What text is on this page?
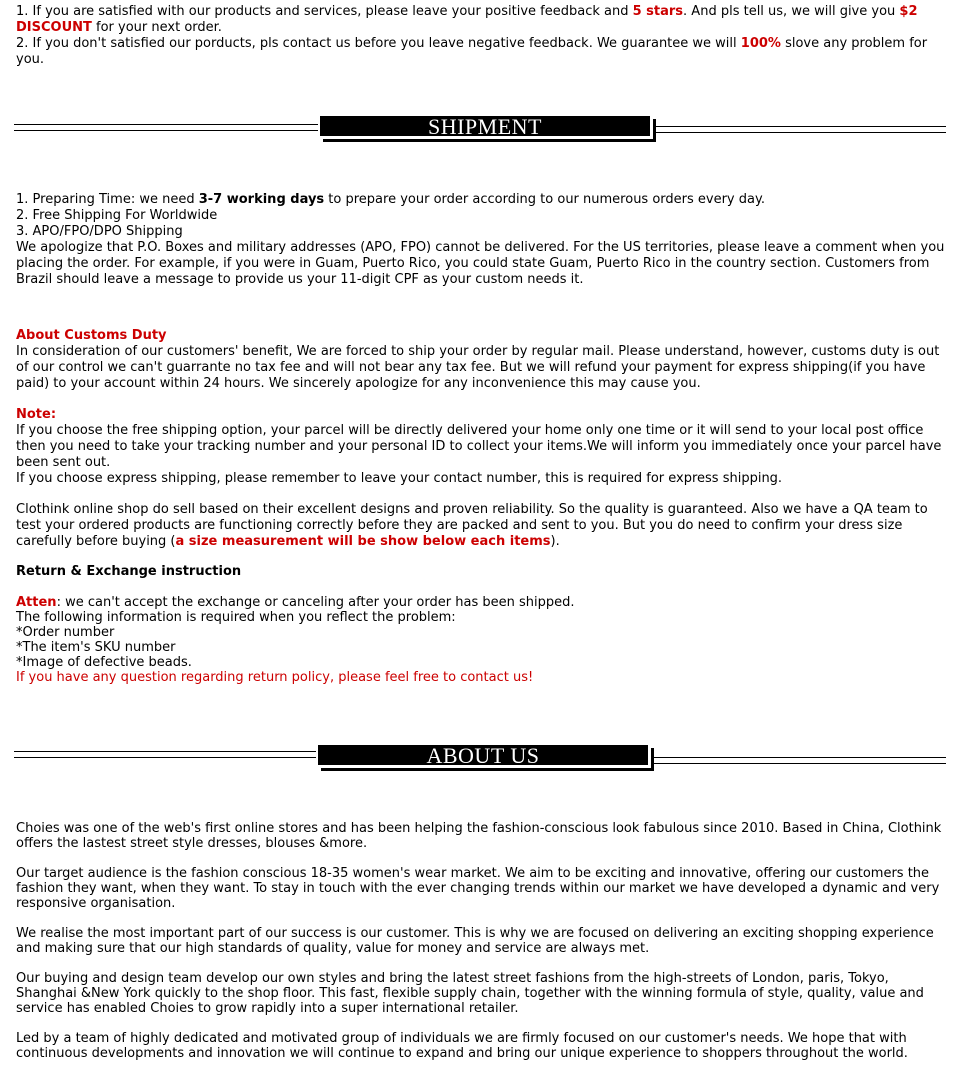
1. If you are satisfied with our products and services, please leave your positive feedback and 5 stars. And pls tell us, we will give you $2 DISCOUNT for your next order.

2. If you don't satisfied our porducts, pls contact us before you leave negative feedback. We guarantee we will 100% slove any problem for you.

SHIPMENT

1. Preparing Time: we need 3-7 working days to prepare your order according to our numerous orders every day.

2. Free Shipping For Worldwide

3. APO/FPO/DPO Shipping

We apologize that P.O. Boxes and military addresses (APO, FPO) cannot be delivered. For the US territories, please leave a comment when you placing the order. For example, if you were in Guam, Puerto Rico, you could state Guam, Puerto Rico in the country section. Customers from Brazil should leave a message to provide us your 11-digit CPF as your custom needs it.

About Customs Duty

In consideration of our customers' benefit, We are forced to ship your order by regular mail. Please understand, however, customs duty is out of our control we can't guarrante no tax fee and will not bear any tax fee. But we will refund your payment for express shipping(if you have paid) to your account within 24 hours. We sincerely apologize for any inconvenience this may cause you.

Note:

If you choose the free shipping option, your parcel will be directly delivered your home only one time or it will send to your local post office then you need to take your tracking number and your personal ID to collect your items.We will inform you immediately once your parcel have been sent out.

If you choose express shipping, please remember to leave your contact number, this is required for express shipping.

Clothink online shop do sell based on their excellent designs and proven reliability. So the quality is guaranteed. Also we have a QA team to test your ordered products are functioning correctly before they are packed and sent to you. But you do need to confirm your dress size carefully before buying (a size measurement will be show below each items).

Return & Exchange instruction

Atten: we can't accept the exchange or canceling after your order has been shipped.

The following information is required when you reflect the problem:

*Order number

*The item's SKU number

*Image of defective beads.

If you have any question regarding return policy, please feel free to contact us!

ABOUT US

Choies was one of the web's first online stores and has been helping the fashion-conscious look fabulous since 2010. Based in China, Clothink offers the lastest street style dresses, blouses &more.

Our target audience is the fashion conscious 18-35 women's wear market. We aim to be exciting and innovative, offering our customers the fashion they want, when they want. To stay in touch with the ever changing trends within our market we have developed a dynamic and very responsive organisation.

We realise the most important part of our success is our customer. This is why we are focused on delivering an exciting shopping experience and making sure that our high standards of quality, value for money and service are always met.

Our buying and design team develop our own styles and bring the latest street fashions from the high-streets of London, paris, Tokyo, Shanghai &New York quickly to the shop floor. This fast, flexible supply chain, together with the winning formula of style, quality, value and service has enabled Choies to grow rapidly into a super international retailer.

Led by a team of highly dedicated and motivated group of individuals we are firmly focused on our customer's needs. We hope that with continuous developments and innovation we will continue to expand and bring our unique experience to shoppers throughout the world.
